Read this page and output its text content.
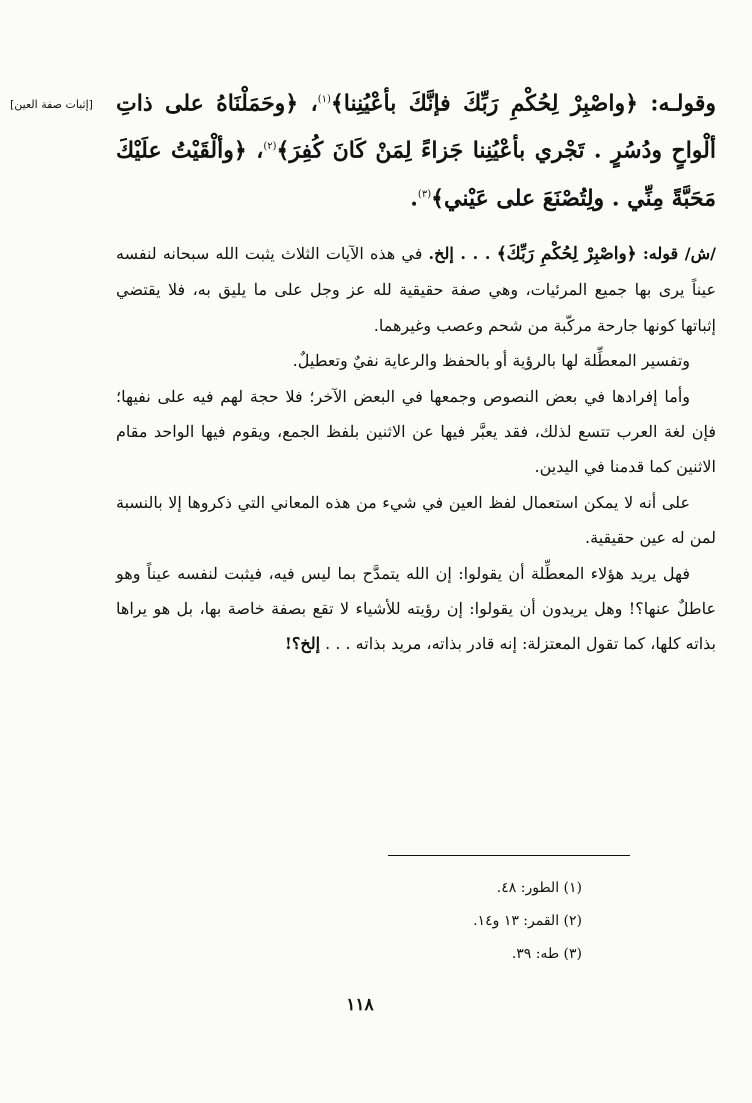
[إثبات صفة العين]	وقولـه: ﴿واصْبِرْ لِحُكْمِ رَبِّكَ فإنَّكَ بأعْيُنِنا﴾$^{(١)}$، ﴿وحَمَلْنَاهُ على ذاتِ ألْواحٍ ودُسُرٍ . تَجْري بأعْيُنِنا جَزاءً لِمَنْ كَانَ كُفِرَ﴾$^{(٢)}$، ﴿وألْقَيْتُ علَيْكَ مَحَبَّةً مِنِّي . ولِتُصْنَعَ على عَيْني﴾$^{(٣)}$.

/ش/ قوله: ﴿واصْبِرْ لِحُكْمِ رَبِّكَ﴾ . . . إلخ. في هذه الآيات الثلاث يثبت الله سبحانه لنفسه عيناً يرى بها جميع المرئيات، وهي صفة حقيقية لله عز وجل على ما يليق به، فلا يقتضي إثباتها كونها جارحة مركّبة من شحم وعصب وغيرهما.

وتفسير المعطِّلة لها بالرؤية أو بالحفظ والرعاية نفيٌ وتعطيلٌ.

وأما إفرادها في بعض النصوص وجمعها في البعض الآخر؛ فلا حجة لهم فيه على نفيها؛ فإن لغة العرب تتسع لذلك، فقد يعبَّر فيها عن الاثنين بلفظ الجمع، ويقوم فيها الواحد مقام الاثنين كما قدمنا في اليدين.

على أنه لا يمكن استعمال لفظ العين في شيء من هذه المعاني التي ذكروها إلا بالنسبة لمن له عين حقيقية.

فهل يريد هؤلاء المعطِّلة أن يقولوا: إن الله يتمدَّح بما ليس فيه، فيثبت لنفسه عيناً وهو عاطلٌ عنها؟! وهل يريدون أن يقولوا: إن رؤيته للأشياء لا تقع بصفة خاصة بها، بل هو يراها بذاته كلها، كما تقول المعتزلة: إنه قادر بذاته، مريد بذاته . . . إلخ؟!

(١) الطور: ٤٨.
(٢) القمر: ١٣ و١٤.
(٣) طه: ٣٩.
١١٨
